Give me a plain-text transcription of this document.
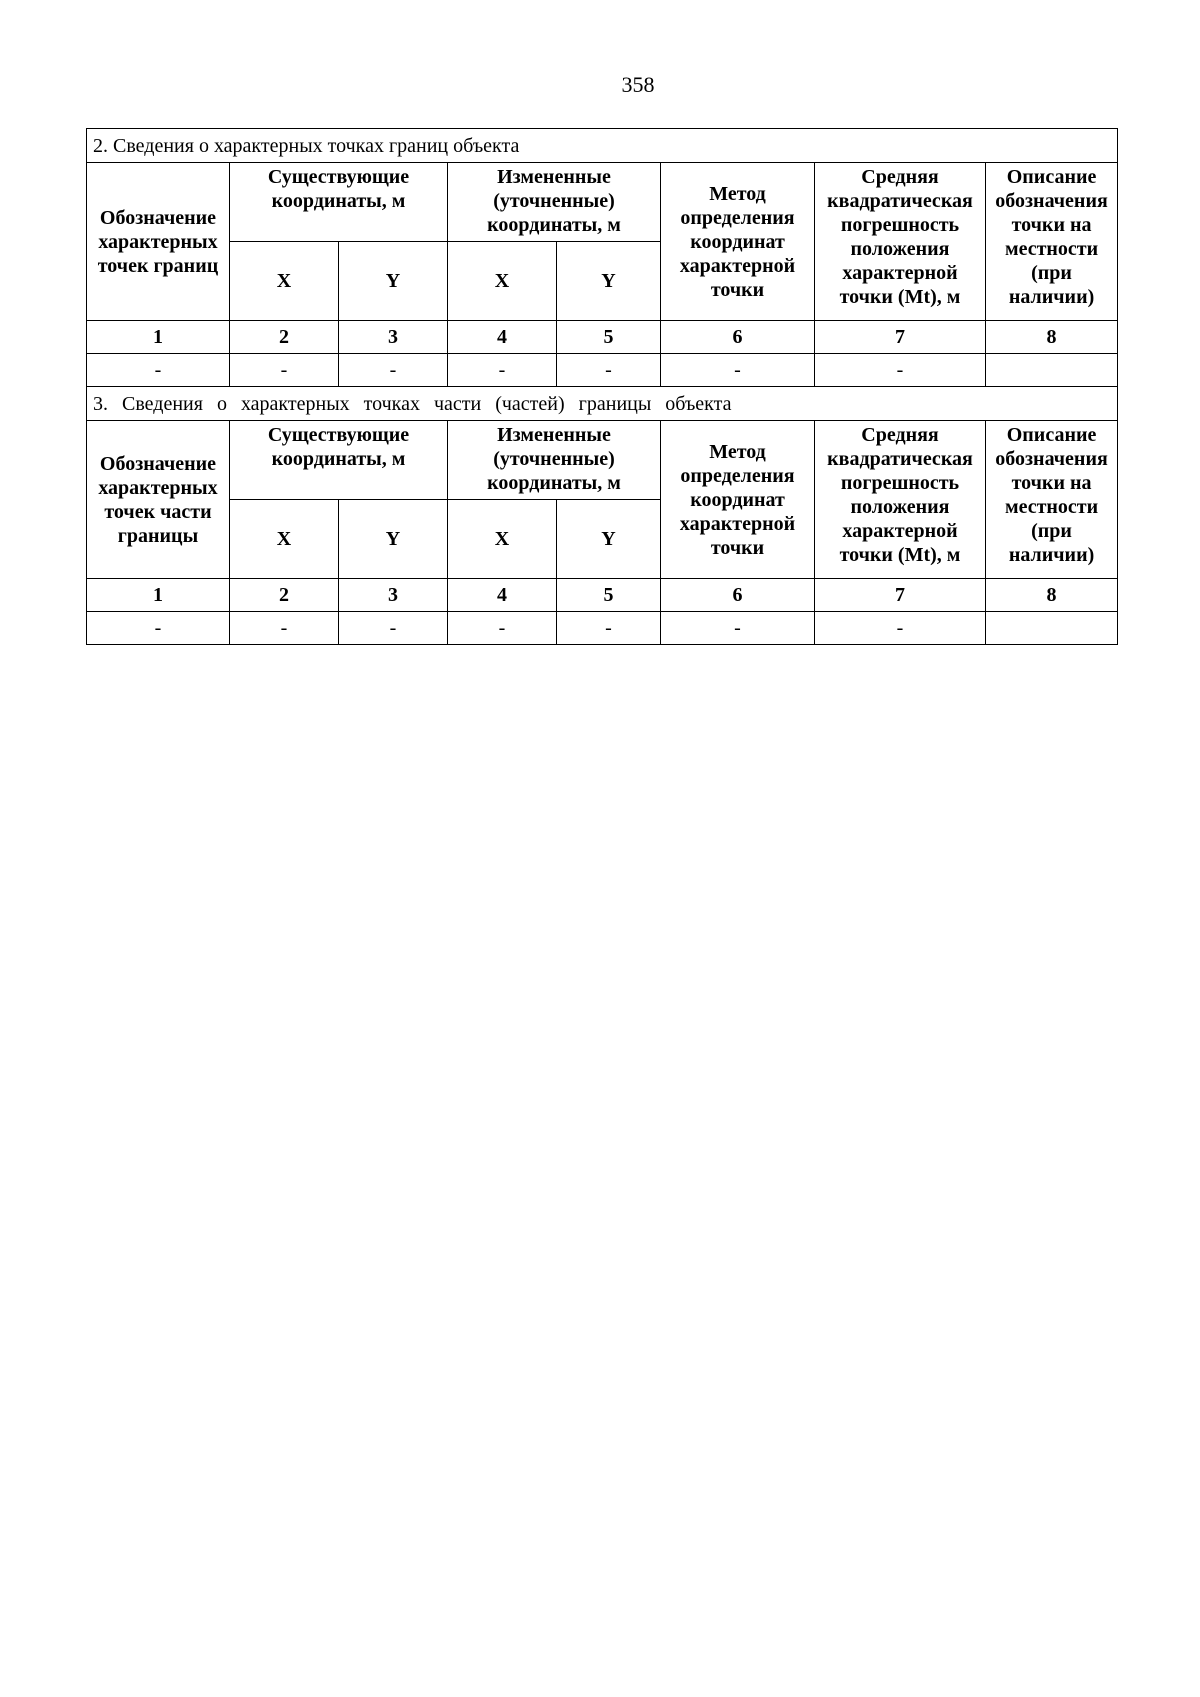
358
2. Сведения о характерных точках границ объекта							
Обозначение характерных точек границ	Существующие координаты, м		Измененные (уточненные) координаты, м		Метод определения координат характерной точки	Средняя квадратическая погрешность положения характерной точки (Mt), м	Описание обозначения точки на местности (при наличии)
	X	Y	X	Y			
1	2	3	4	5	6	7	8
-	-	-	-	-	-	-	
3. Сведения о характерных точках части (частей) границы объекта							
Обозначение характерных точек части границы	Существующие координаты, м		Измененные (уточненные) координаты, м		Метод определения координат характерной точки	Средняя квадратическая погрешность положения характерной точки (Mt), м	Описание обозначения точки на местности (при наличии)
	X	Y	X	Y			
1	2	3	4	5	6	7	8
-	-	-	-	-	-	-	
